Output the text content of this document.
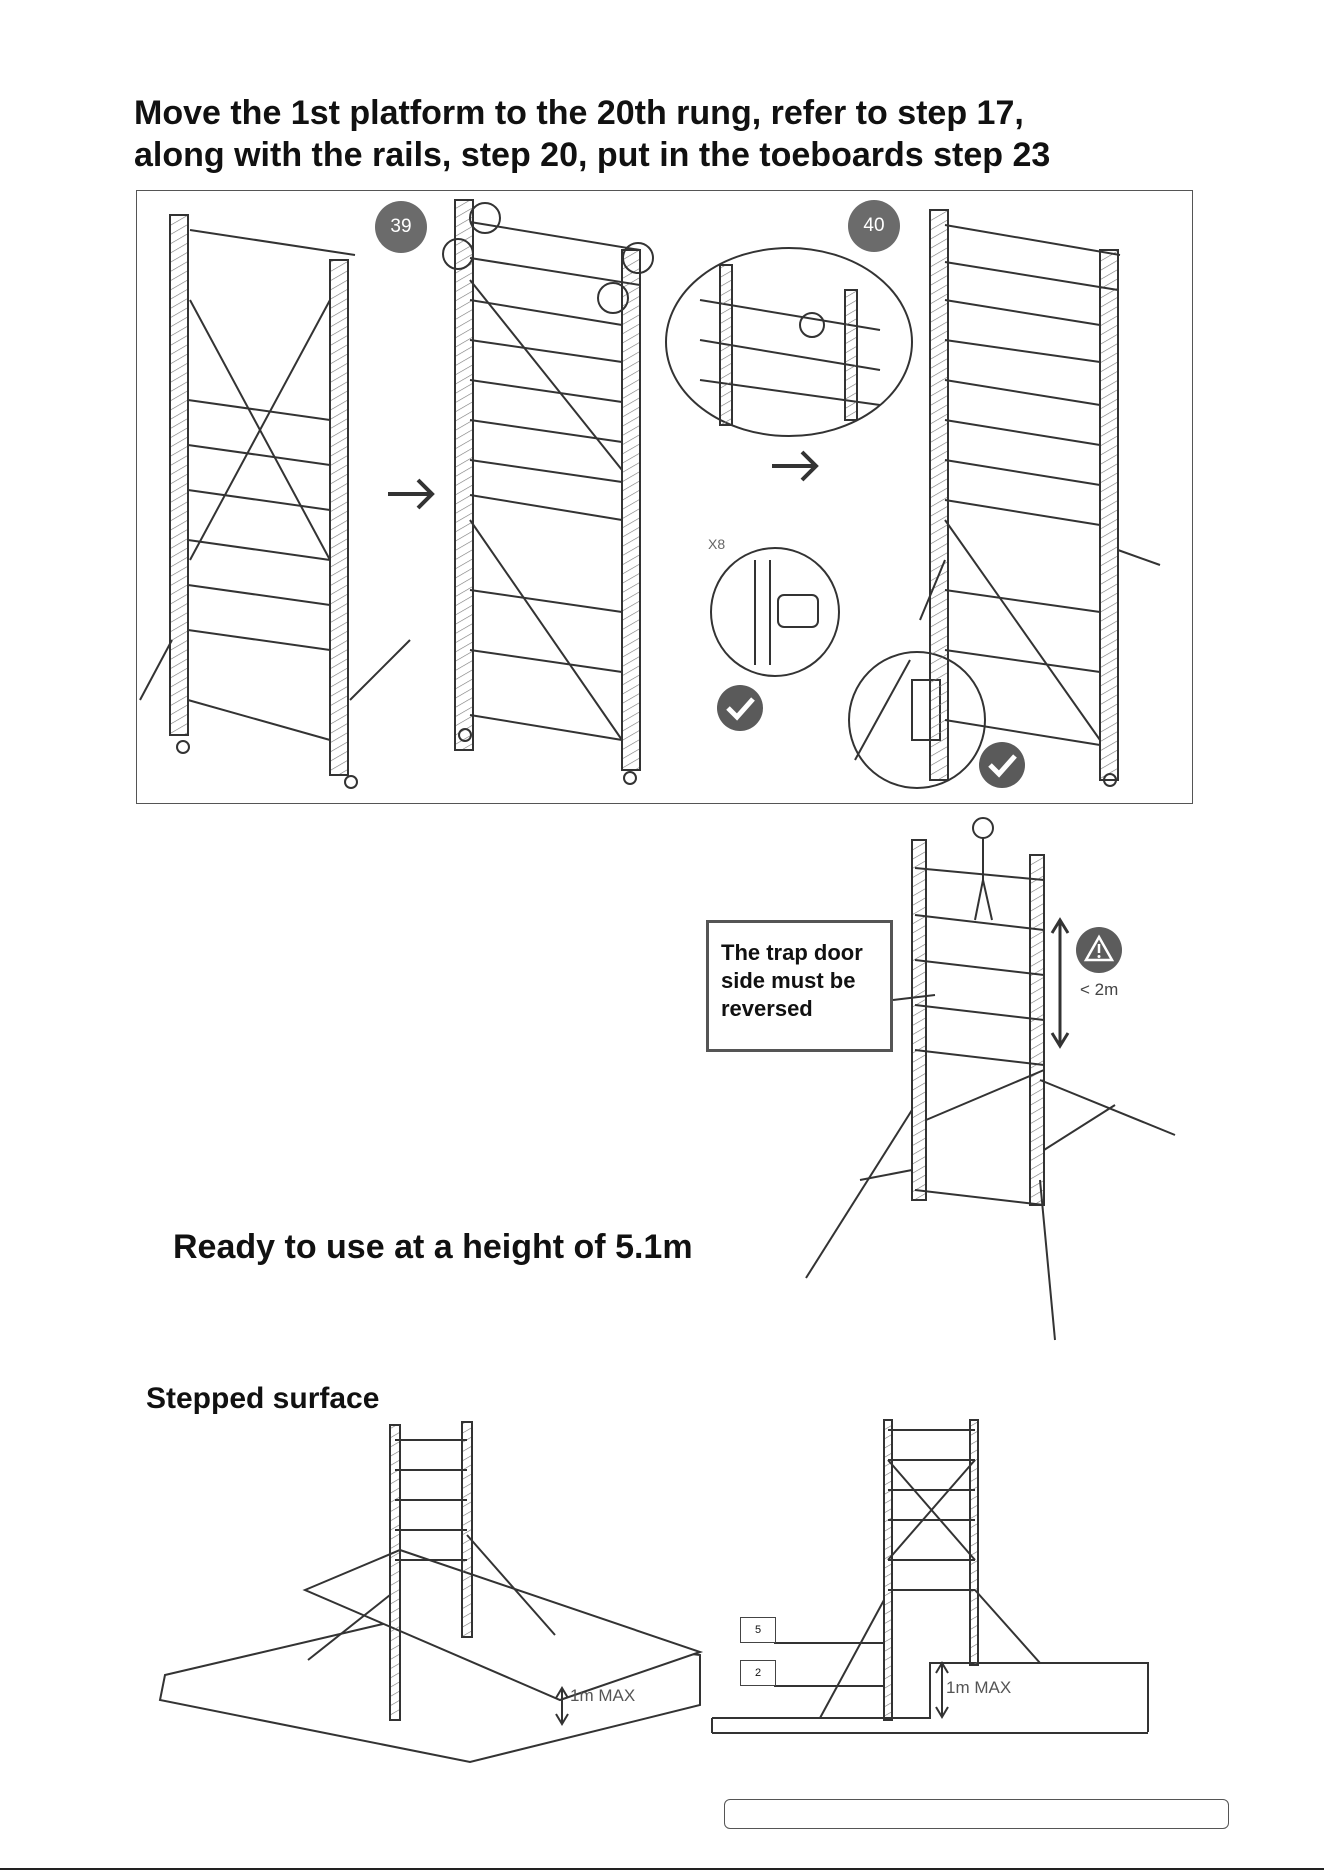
Move the 1st platform to the 20th rung, refer to step 17,
along with the rails, step 20, put in the toeboards step 23
39	40
X8
The trap door
side must be
reversed
< 2m
Ready to use at a height of 5.1m
Stepped surface
1m MAX	1m MAX
5
2
